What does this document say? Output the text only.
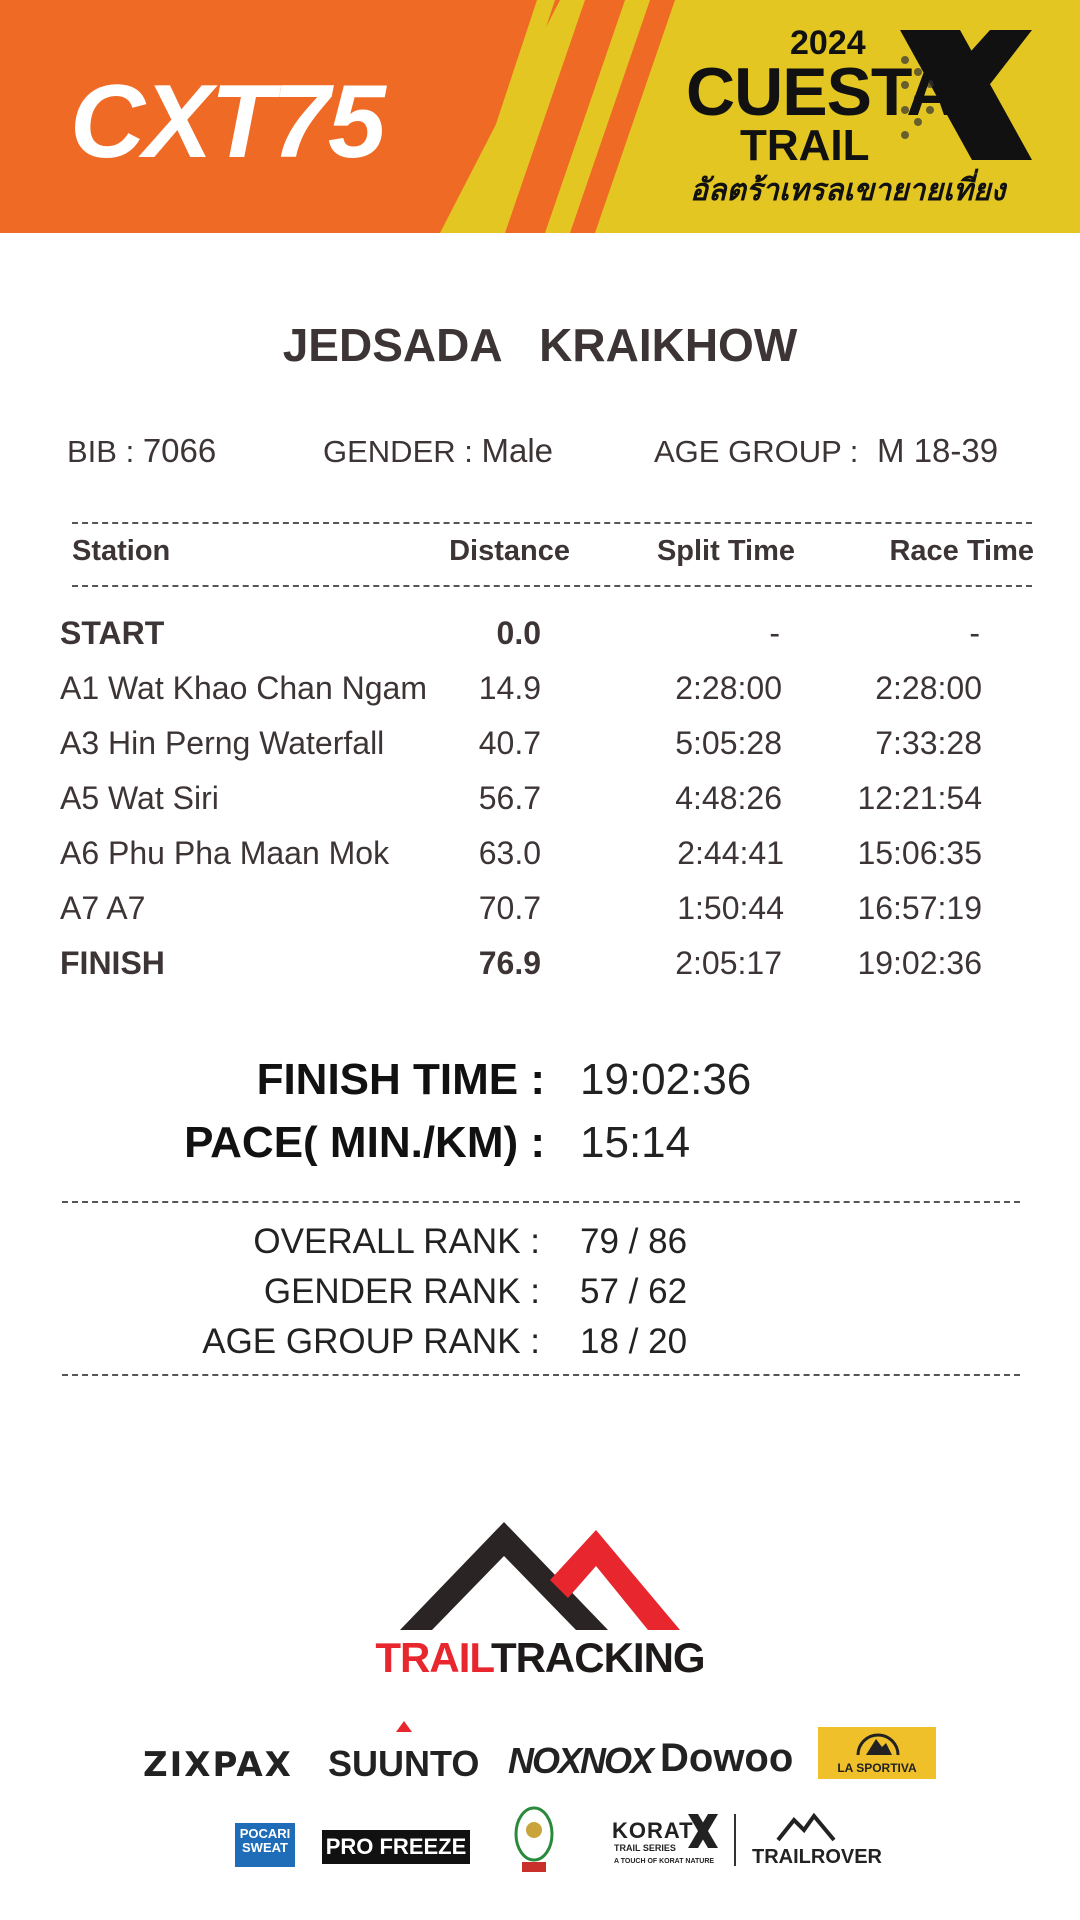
CXT75
2024
CUESTA
TRAIL
อัลตร้าเทรลเขายายเที่ยง
JEDSADA   KRAIKHOW
BIB : 7066	GENDER : Male	AGE GROUP : M 18-39
Station	Distance	Split Time	Race Time
START	0.0	-	-
A1 Wat Khao Chan Ngam 14.9	2:28:00	2:28:00
A3 Hin Perng Waterfall	40.7	5:05:28	7:33:28
A5 Wat Siri	56.7	4:48:26 12:21:54
A6 Phu Pha Maan Mok	63.0	2:44:41 15:06:35
A7 A7	70.7	1:50:44 16:57:19
FINISH	76.9	2:05:17 19:02:36
FINISH TIME : 19:02:36
PACE( MIN./KM) : 15:14
OVERALL RANK : 79 / 86
GENDER RANK : 57 / 62
AGE GROUP RANK : 18 / 20
TRAILTRACKING
ZIXPAX SUUNTO NOXNOX Dowoo	LA SPORTIVA
POCARI SWEAT	PRO FREEZE
KORAT
TRAIL SERIES
A TOUCH OF KORAT NATURE TRAILROVER
